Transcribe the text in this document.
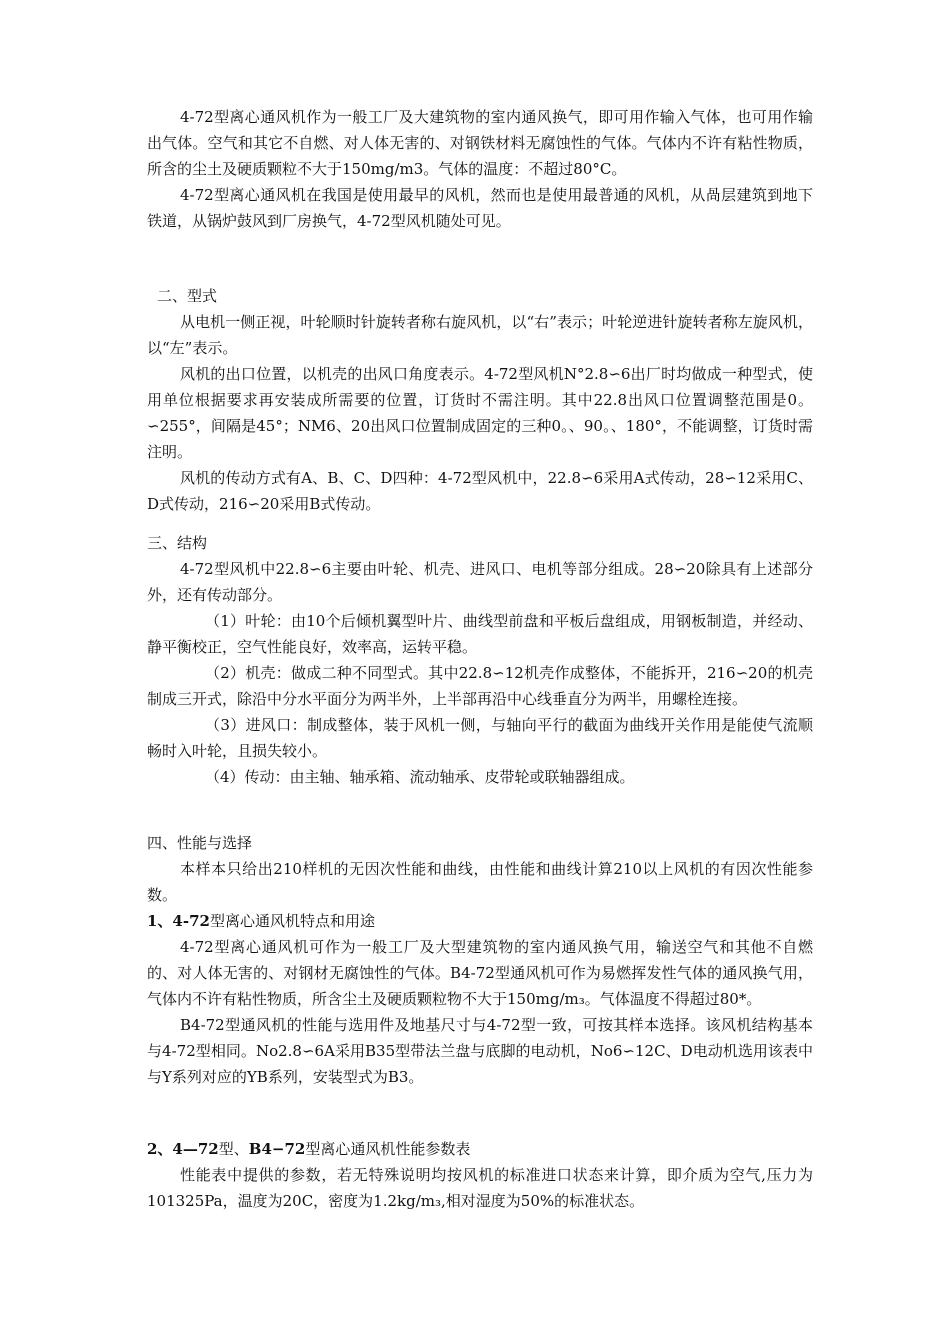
4-72型离心通风机作为一般工厂及大建筑物的室内通风换气，即可用作输入气体，也可用作输出气体。空气和其它不自燃、对人体无害的、对钢铁材料无腐蚀性的气体。气体内不许有粘性物质，所含的尘土及硬质颗粒不大于150mg/m3。气体的温度：不超过80°C。

4-72型离心通风机在我国是使用最早的风机，然而也是使用最普通的风机，从咼层建筑到地下铁道，从锅炉鼓风到厂房换气，4-72型风机随处可见。

二、型式

从电机一侧正视，叶轮顺时针旋转者称右旋风机，以“右”表示；叶轮逆进针旋转者称左旋风机，以“左”表示。

风机的出口位置，以机壳的出风口角度表示。4-72型风机N°2.8∽6出厂时均做成一种型式，使用单位根据要求再安装成所需要的位置，订货时不需注明。其中22.8出风口位置调整范围是0。∽255°，间隔是45°；NM6、20出风口位置制成固定的三种0。、90。、180°，不能调整，订货时需注明。

风机的传动方式有A、B、C、D四种：4-72型风机中，22.8∽6采用A式传动，28∽12采用C、D式传动，216∽20采用B式传动。

三、结构

4-72型风机中22.8∽6主要由叶轮、机壳、进风口、电机等部分组成。28∽20除具有上述部分外，还有传动部分。

（1）叶轮：由10个后倾机翼型叶片、曲线型前盘和平板后盘组成，用钢板制造，并经动、静平衡校正，空气性能良好，效率高，运转平稳。

（2）机壳：做成二种不同型式。其中22.8∽12机壳作成整体，不能拆开，216∽20的机壳制成三开式，除沿中分水平面分为两半外，上半部再沿中心线垂直分为两半，用螺栓连接。

（3）进风口：制成整体，装于风机一侧，与轴向平行的截面为曲线开关作用是能使气流顺畅时入叶轮，且损失较小。

（4）传动：由主轴、轴承箱、流动轴承、皮带轮或联轴器组成。

四、性能与选择

本样本只给出210样机的无因次性能和曲线，由性能和曲线计算210以上风机的有因次性能参数。

1、4-72型离心通风机特点和用途

4-72型离心通风机可作为一般工厂及大型建筑物的室内通风换气用，输送空气和其他不自燃的、对人体无害的、对钢材无腐蚀性的气体。B4-72型通风机可作为易燃挥发性气体的通风换气用，气体内不许有粘性物质，所含尘土及硬质颗粒物不大于150mg/m₃。气体温度不得超过80*。

B4-72型通风机的性能与选用件及地基尺寸与4-72型一致，可按其样本选择。该风机结构基本与4-72型相同。No2.8∽6A采用B35型带法兰盘与底脚的电动机，No6∽12C、D电动机选用该表中与Y系列对应的YB系列，安装型式为B3。

2、4—72型、B4−72型离心通风机性能参数表

性能表中提供的参数，若无特殊说明均按风机的标准进口状态来计算，即介质为空气,压力为101325Pa，温度为20C，密度为1.2kg/m₃,相对湿度为50%的标准状态。
